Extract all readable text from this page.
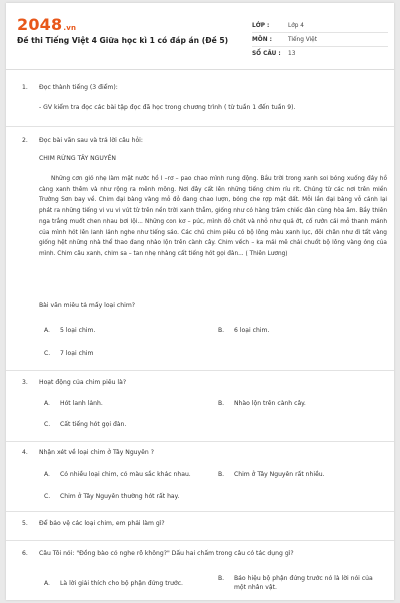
2048.vn
Đề thi Tiếng Việt 4 Giữa học kì 1 có đáp án (Đề 5)
LỚP :	Lớp 4
MÔN :	Tiếng Việt
SỐ CÂU :	13
1. Đọc thành tiếng (3 điểm):
- GV kiểm tra đọc các bài tập đọc đã học trong chương trình ( từ tuần 1 đến tuần 9).
2. Đọc bài văn sau và trả lời câu hỏi:
CHIM RỪNG TÂY NGUYÊN
Những cơn gió nhẹ làm mặt nước hồ I –rơ – pao chao mình rung động. Bầu trời trong xanh soi bóng xuống đáy hồ càng xanh thêm và như rộng ra mênh mông. Nơi đây cất lên những tiếng chim ríu rít. Chúng từ các nơi trên miền Trường Sơn bay về. Chim đại bàng vàng mỏ đỏ đang chao lượn, bóng che rợp mặt đất. Mỗi lần đại bàng vỗ cánh lại phát ra những tiếng vi vu vi vút từ trên nền trời xanh thẳm, giống như có hàng trăm chiếc đàn cùng hòa âm. Bầy thiên nga trắng muốt chen nhau bơi lội... Những con kơ – púc, mình đỏ chót và nhỏ như quả ớt, cố rướn cái mỏ thanh mảnh của mình hót lên lanh lảnh nghe như tiếng sáo. Các chú chim piêu có bộ lông màu xanh lục, đôi chân như đi tất vàng giống hệt những nhà thể thao đang nhào lộn trên cành cây. Chim vếch – ka mải mê chải chuốt bộ lông vàng óng của mình. Chim câu xanh, chim sa – tan nhẹ nhàng cất tiếng hót gọi đàn... ( Thiên Lương)
Bài văn miêu tả mấy loại chim?
A. 5 loại chim.	B. 6 loại chim.
C. 7 loại chim
3. Hoạt động của chim piêu là?
A. Hót lanh lảnh.	B. Nhào lộn trên cành cây.
C. Cất tiếng hót gọi đàn.
4. Nhận xét về loại chim ở Tây Nguyên ?
A. Có nhiều loại chim, có màu sắc khác nhau.	B. Chim ở Tây Nguyên rất nhiều.
C. Chim ở Tây Nguyên thường hót rất hay.
5. Để bảo vệ các loại chim, em phải làm gì?
6. Câu Tôi nói: "Đồng bào có nghe rõ không?" Dấu hai chấm trong câu có tác dụng gì?
A. Là lời giải thích cho bộ phận đứng trước.
B. Báo hiệu bộ phận đứng trước nó là lời nói của một nhân vật.
